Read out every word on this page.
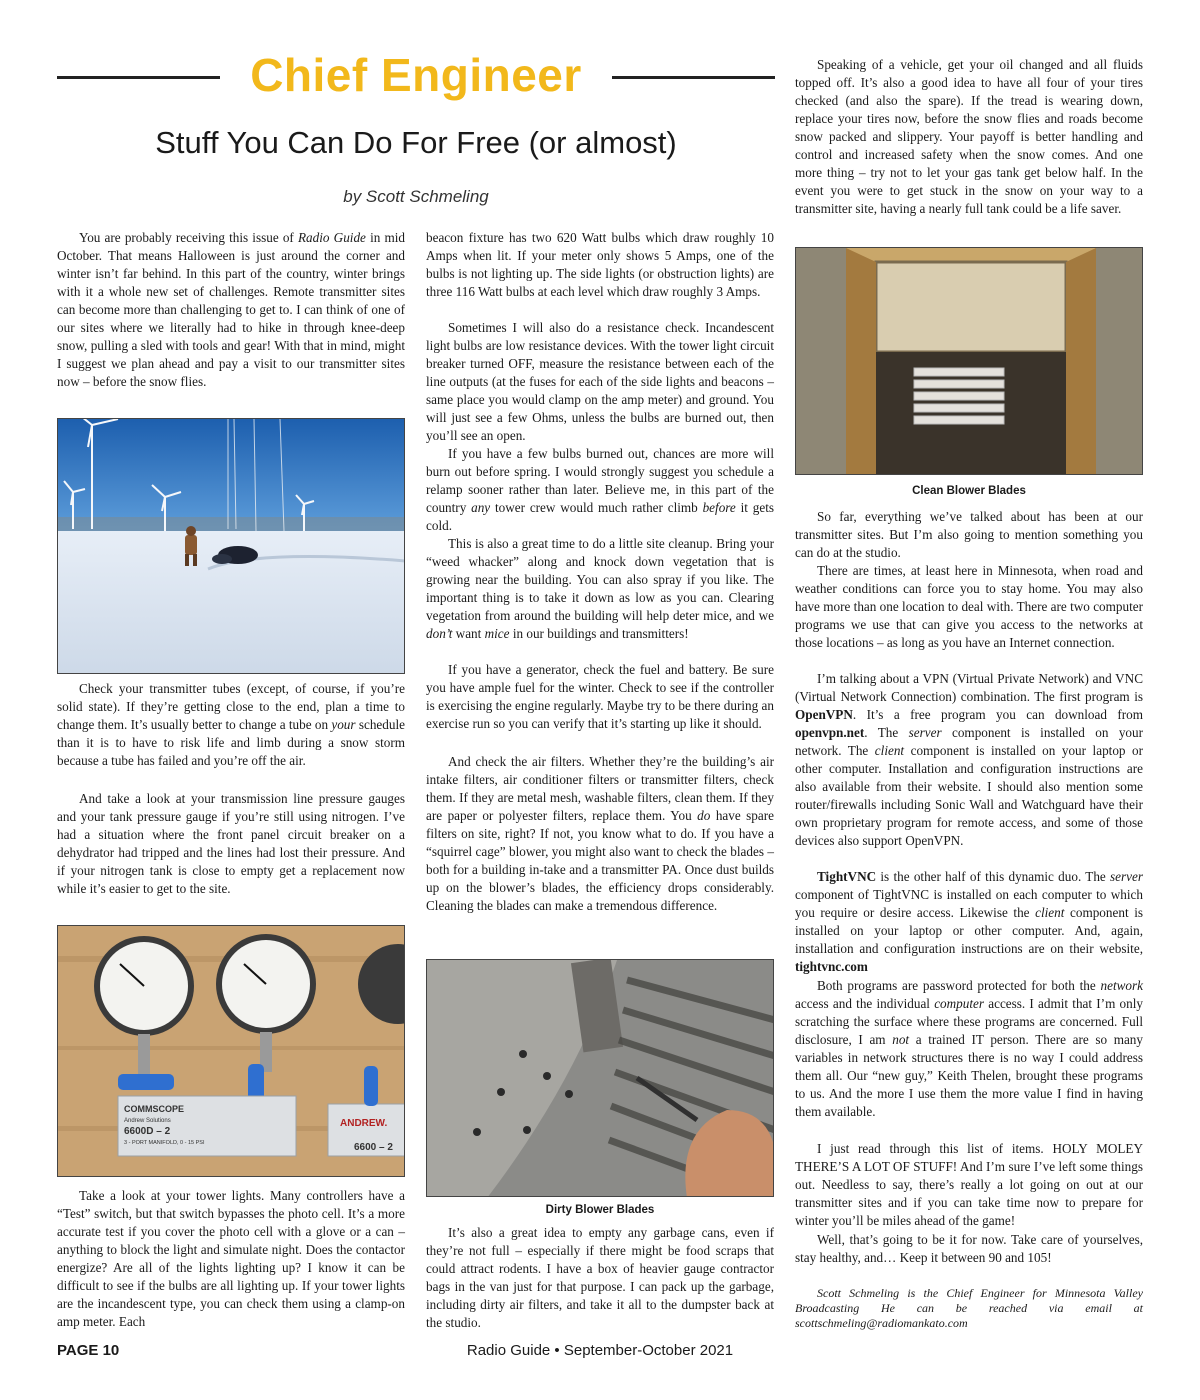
Chief Engineer
Stuff You Can Do For Free (or almost)
by Scott Schmeling

You are probably receiving this issue of Radio Guide in mid October. That means Halloween is just around the corner and winter isn’t far behind. In this part of the country, winter brings with it a whole new set of challenges. Remote transmitter sites can become more than challenging to get to. I can think of one of our sites where we literally had to hike in through knee-deep snow, pulling a sled with tools and gear! With that in mind, might I suggest we plan ahead and pay a visit to our transmitter sites now – before the snow flies.

Check your transmitter tubes (except, of course, if you’re solid state). If they’re getting close to the end, plan a time to change them. It’s usually better to change a tube on your schedule than it is to have to risk life and limb during a snow storm because a tube has failed and you’re off the air.

And take a look at your transmission line pressure gauges and your tank pressure gauge if you’re still using nitrogen. I’ve had a situation where the front panel circuit breaker on a dehydrator had tripped and the lines had lost their pressure. And if your nitrogen tank is close to empty get a replacement now while it’s easier to get to the site.

COMMSCOPE
Andrew Solutions
6600D – 2
3 - PORT MANIFOLD, 0 - 15 PSI
ANDREW.
6600 – 2

Take a look at your tower lights. Many controllers have a “Test” switch, but that switch bypasses the photo cell. It’s a more accurate test if you cover the photo cell with a glove or a can – anything to block the light and simulate night. Does the contactor energize? Are all of the lights lighting up? I know it can be difficult to see if the bulbs are all lighting up. If your tower lights are the incandescent type, you can check them using a clamp-on amp meter. Each

beacon fixture has two 620 Watt bulbs which draw roughly 10 Amps when lit. If your meter only shows 5 Amps, one of the bulbs is not lighting up. The side lights (or obstruction lights) are three 116 Watt bulbs at each level which draw roughly 3 Amps.

Sometimes I will also do a resistance check. Incandescent light bulbs are low resistance devices. With the tower light circuit breaker turned OFF, measure the resistance between each of the line outputs (at the fuses for each of the side lights and beacons – same place you would clamp on the amp meter) and ground. You will just see a few Ohms, unless the bulbs are burned out, then you’ll see an open.

If you have a few bulbs burned out, chances are more will burn out before spring. I would strongly suggest you schedule a relamp sooner rather than later. Believe me, in this part of the country any tower crew would much rather climb before it gets cold.

This is also a great time to do a little site cleanup. Bring your “weed whacker” along and knock down vegetation that is growing near the building. You can also spray if you like. The important thing is to take it down as low as you can. Clearing vegetation from around the building will help deter mice, and we don’t want mice in our buildings and transmitters!

If you have a generator, check the fuel and battery. Be sure you have ample fuel for the winter. Check to see if the controller is exercising the engine regularly. Maybe try to be there during an exercise run so you can verify that it’s starting up like it should.

And check the air filters. Whether they’re the building’s air intake filters, air conditioner filters or transmitter filters, check them. If they are metal mesh, washable filters, clean them. If they are paper or polyester filters, replace them. You do have spare filters on site, right? If not, you know what to do. If you have a “squirrel cage” blower, you might also want to check the blades – both for a building in-take and a transmitter PA. Once dust builds up on the blower’s blades, the efficiency drops considerably. Cleaning the blades can make a tremendous difference.

Dirty Blower Blades

It’s also a great idea to empty any garbage cans, even if they’re not full – especially if there might be food scraps that could attract rodents. I have a box of heavier gauge contractor bags in the van just for that purpose. I can pack up the garbage, including dirty air filters, and take it all to the dumpster back at the studio.

Speaking of a vehicle, get your oil changed and all fluids topped off. It’s also a good idea to have all four of your tires checked (and also the spare). If the tread is wearing down, replace your tires now, before the snow flies and roads become snow packed and slippery. Your payoff is better handling and control and increased safety when the snow comes. And one more thing – try not to let your gas tank get below half. In the event you were to get stuck in the snow on your way to a transmitter site, having a nearly full tank could be a life saver.

Clean Blower Blades

So far, everything we’ve talked about has been at our transmitter sites. But I’m also going to mention something you can do at the studio.

There are times, at least here in Minnesota, when road and weather conditions can force you to stay home. You may also have more than one location to deal with. There are two computer programs we use that can give you access to the networks at those locations – as long as you have an Internet connection.

I’m talking about a VPN (Virtual Private Network) and VNC (Virtual Network Connection) combination. The first program is OpenVPN. It’s a free program you can download from openvpn.net. The server component is installed on your network. The client component is installed on your laptop or other computer. Installation and configuration instructions are also available from their website. I should also mention some router/firewalls including Sonic Wall and Watchguard have their own proprietary program for remote access, and some of those devices also support OpenVPN.

TightVNC is the other half of this dynamic duo. The server component of TightVNC is installed on each computer to which you require or desire access. Likewise the client component is installed on your laptop or other computer. And, again, installation and configuration instructions are on their website, tightvnc.com

Both programs are password protected for both the network access and the individual computer access. I admit that I’m only scratching the surface where these programs are concerned. Full disclosure, I am not a trained IT person. There are so many variables in network structures there is no way I could address them all. Our “new guy,” Keith Thelen, brought these programs to us. And the more I use them the more value I find in having them available.

I just read through this list of items. HOLY MOLEY THERE’S A LOT OF STUFF! And I’m sure I’ve left some things out. Needless to say, there’s really a lot going on out at our transmitter sites and if you can take time now to prepare for winter you’ll be miles ahead of the game!

Well, that’s going to be it for now. Take care of yourselves, stay healthy, and… Keep it between 90 and 105!

Scott Schmeling is the Chief Engineer for Minnesota Valley Broadcasting He can be reached via email at scottschmeling@radiomankato.com

PAGE 10	Radio Guide • September-October 2021
